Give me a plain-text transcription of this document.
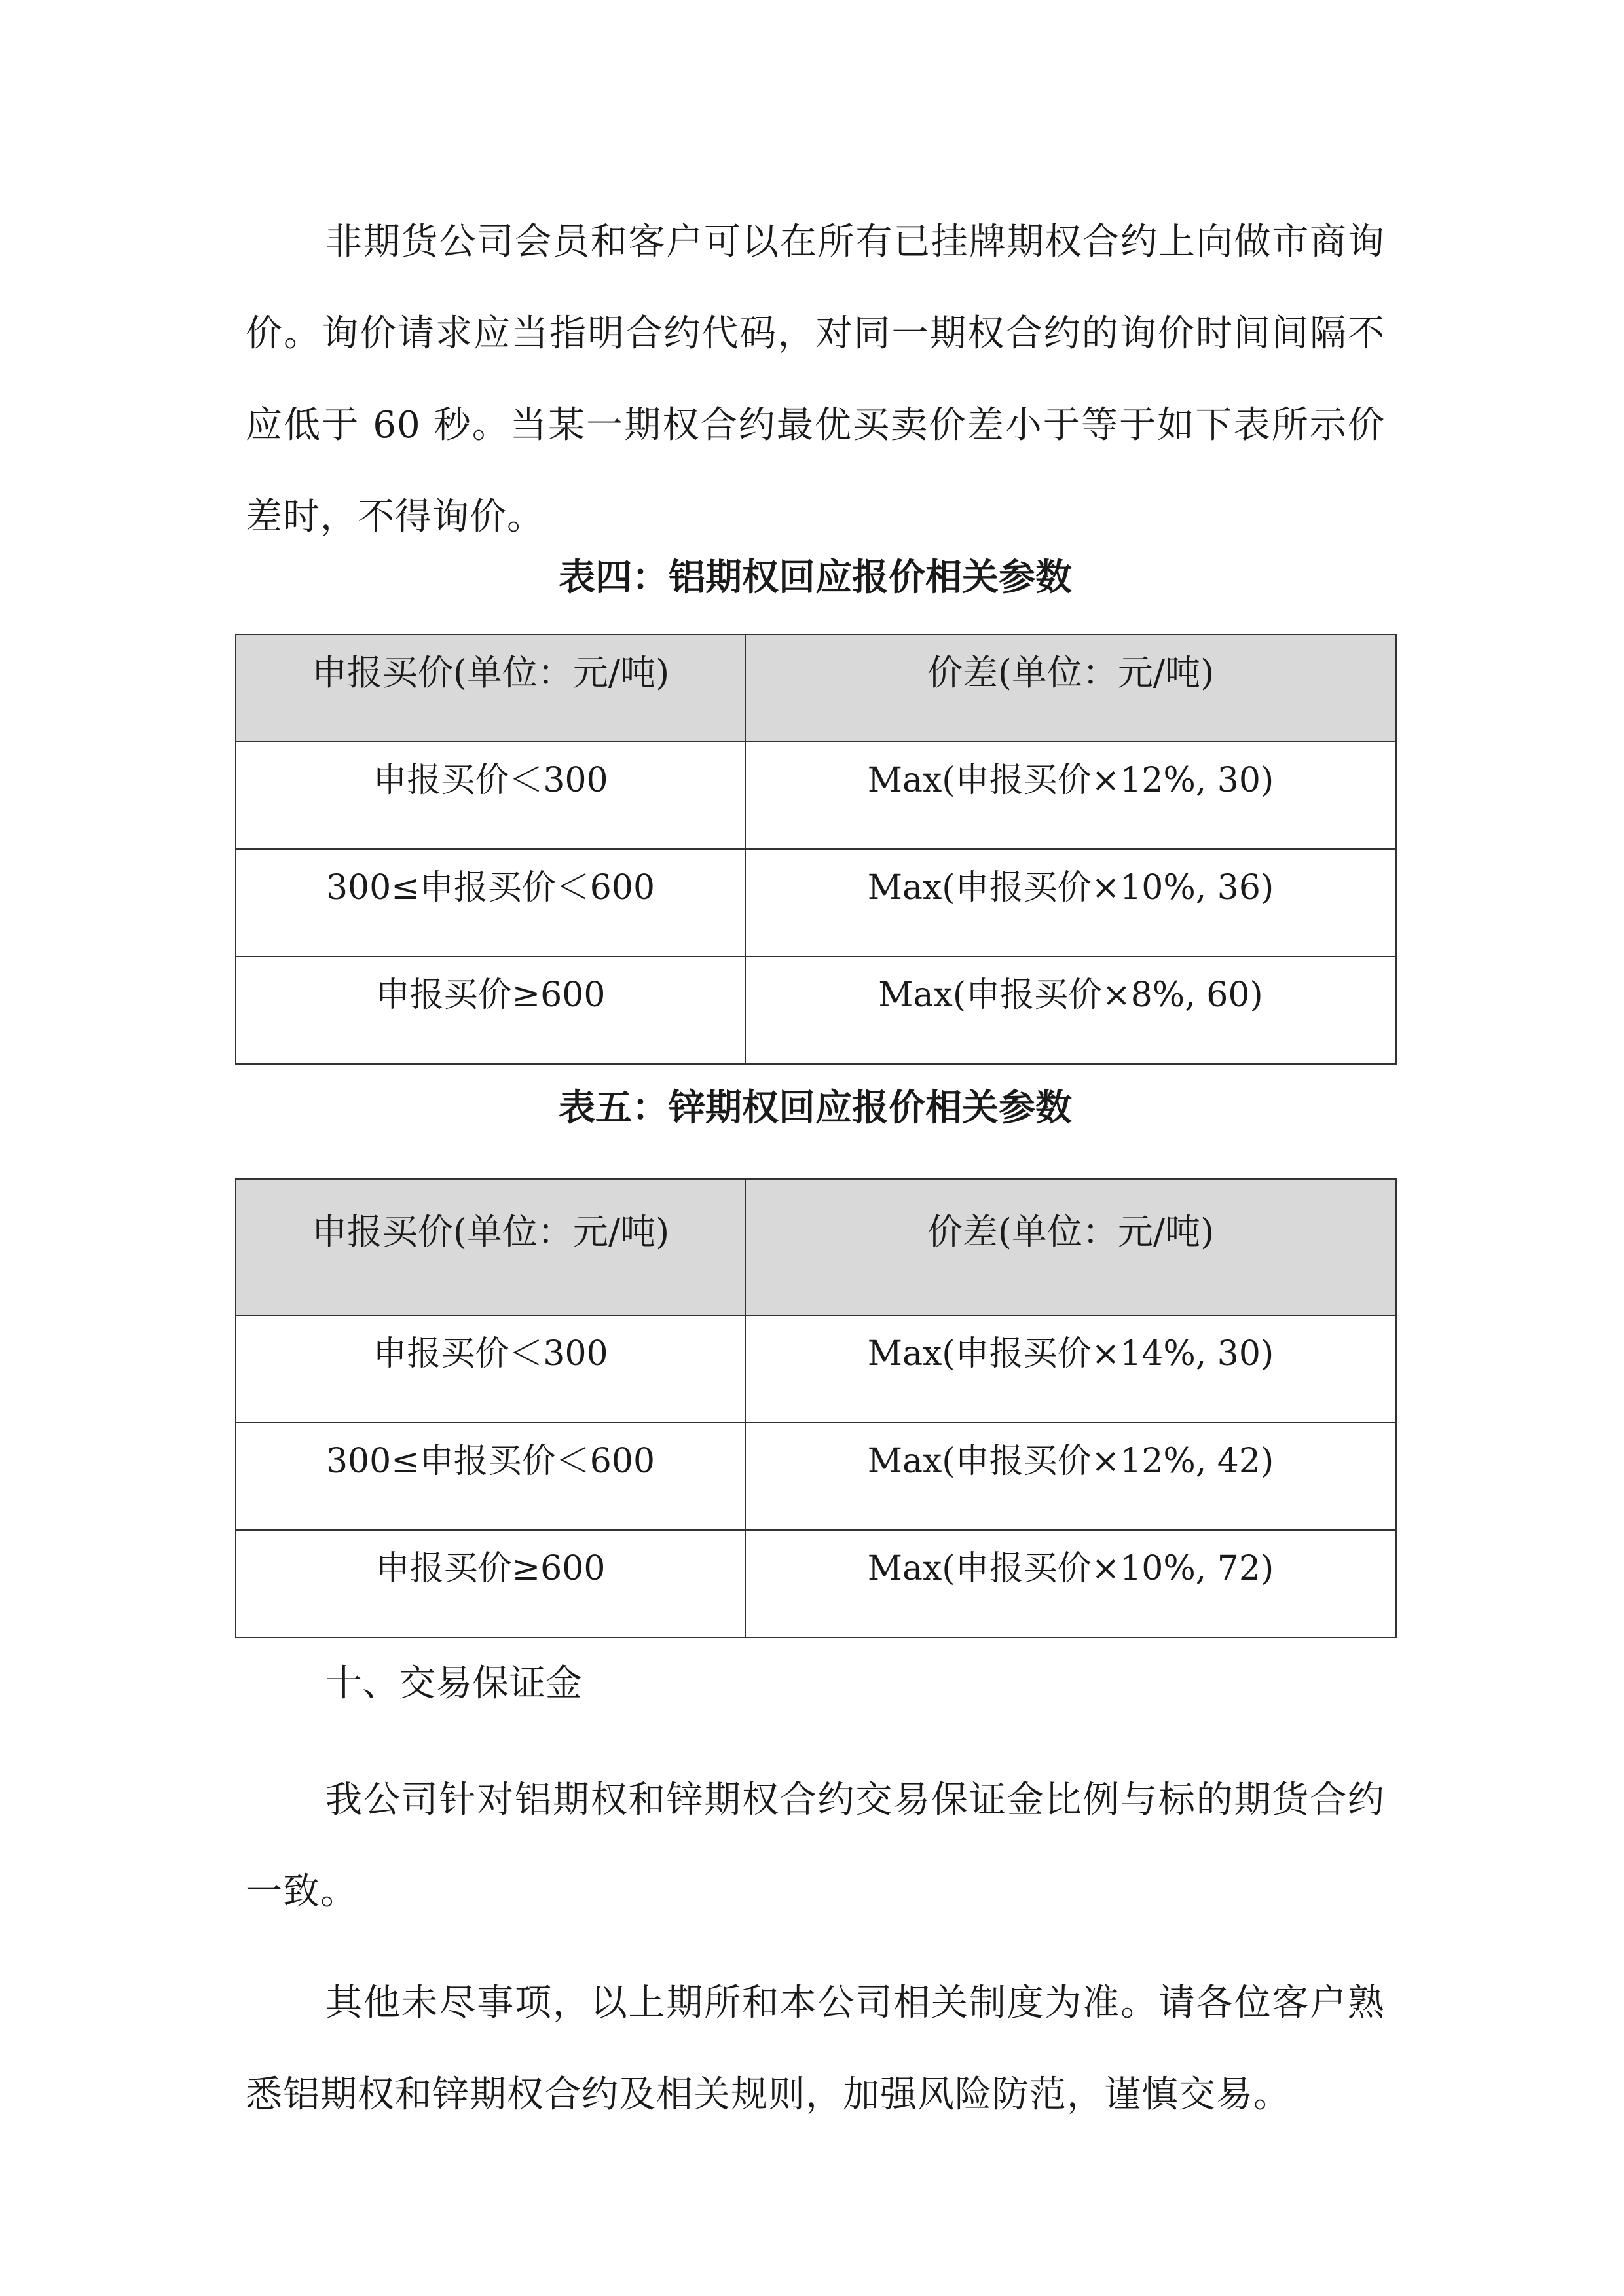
非期货公司会员和客户可以在所有已挂牌期权合约上向做市商询价。询价请求应当指明合约代码，对同一期权合约的询价时间间隔不应低于 60 秒。当某一期权合约最优买卖价差小于等于如下表所示价差时，不得询价。

表四：铝期权回应报价相关参数

申报买价(单位：元/吨)	价差(单位：元/吨)

申报买价＜300	Max(申报买价×12%, 30)

300≤申报买价＜600	Max(申报买价×10%, 36)

申报买价≥600	Max(申报买价×8%, 60)

表五：锌期权回应报价相关参数

申报买价(单位：元/吨)	价差(单位：元/吨)

申报买价＜300	Max(申报买价×14%, 30)

300≤申报买价＜600	Max(申报买价×12%, 42)

申报买价≥600	Max(申报买价×10%, 72)

十、交易保证金

我公司针对铝期权和锌期权合约交易保证金比例与标的期货合约一致。

其他未尽事项，以上期所和本公司相关制度为准。请各位客户熟悉铝期权和锌期权合约及相关规则，加强风险防范，谨慎交易。
